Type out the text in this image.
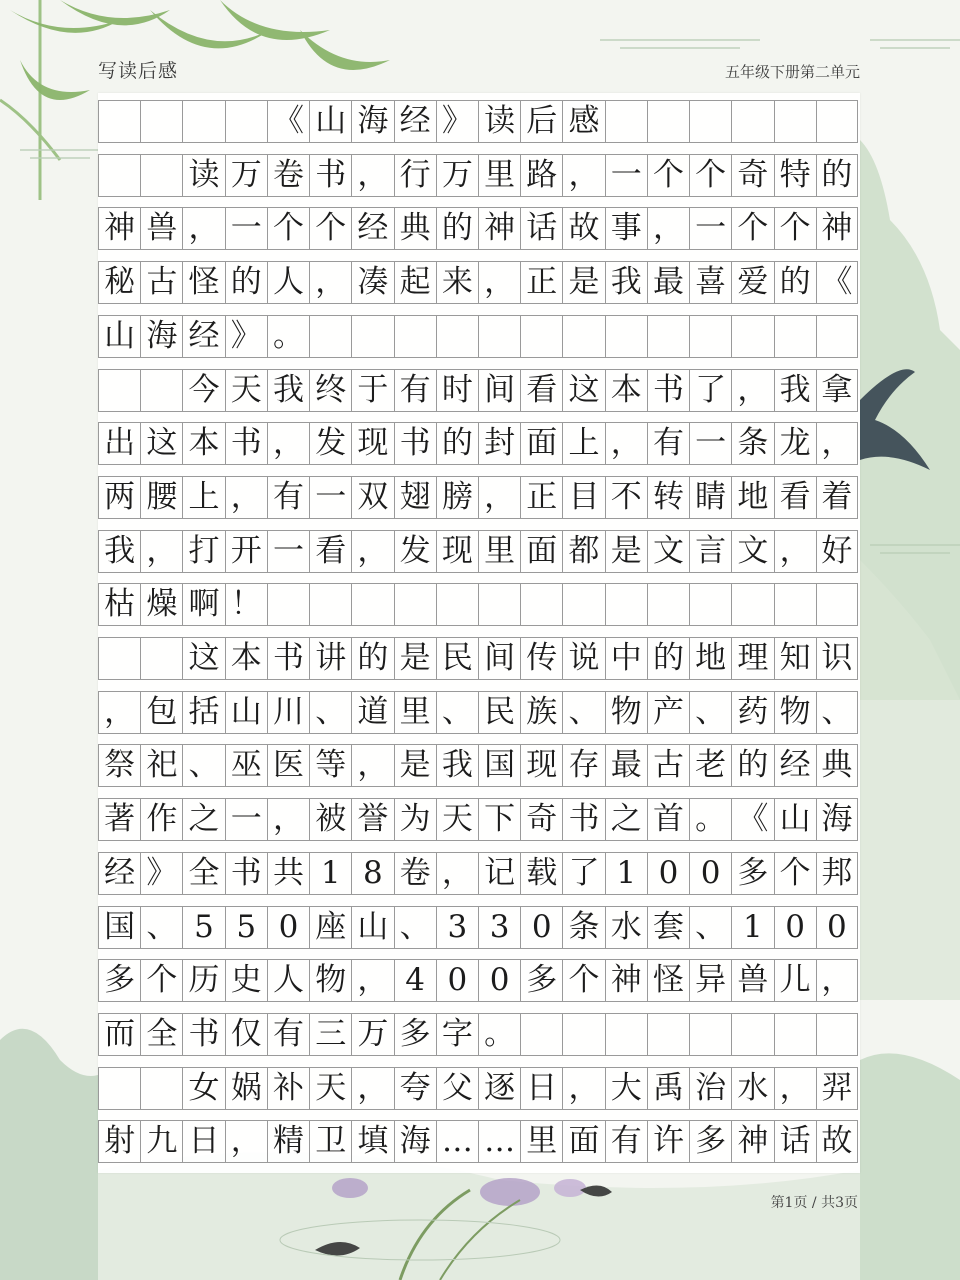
写读后感	五年级下册第二单元
《 山 海 经 》 读 后 感
读 万 卷 书 ， 行 万 里 路 ， 一 个 个 奇 特 的
神 兽 ， 一 个 个 经 典 的 神 话 故 事 ， 一 个 个 神
秘 古 怪 的 人 ， 凑 起 来 ， 正 是 我 最 喜 爱 的 《
山 海 经 》 。
今 天 我 终 于 有 时 间 看 这 本 书 了 ， 我 拿
出 这 本 书 ， 发 现 书 的 封 面 上 ， 有 一 条 龙 ，
两 腰 上 ， 有 一 双 翅 膀 ， 正 目 不 转 睛 地 看 着
我 ， 打 开 一 看 ， 发 现 里 面 都 是 文 言 文 ， 好
枯 燥 啊 ！
这 本 书 讲 的 是 民 间 传 说 中 的 地 理 知 识
， 包 括 山 川 、 道 里 、 民 族 、 物 产 、 药 物 、
祭 祀 、 巫 医 等 ， 是 我 国 现 存 最 古 老 的 经 典
著 作 之 一 ， 被 誉 为 天 下 奇 书 之 首 。 《 山 海
经 》 全 书 共 1 8 卷 ， 记 载 了 1 0 0 多 个 邦
国 、 5 5 0 座 山 、 3 3 0 条 水 套 、 1 0 0
多 个 历 史 人 物 ， 4 0 0 多 个 神 怪 异 兽 儿 ，
而 全 书 仅 有 三 万 多 字 。
女 娲 补 天 ， 夸 父 逐 日 ， 大 禹 治 水 ， 羿
射 九 日 ， 精 卫 填 海 … … 里 面 有 许 多 神 话 故
第1页 / 共3页
